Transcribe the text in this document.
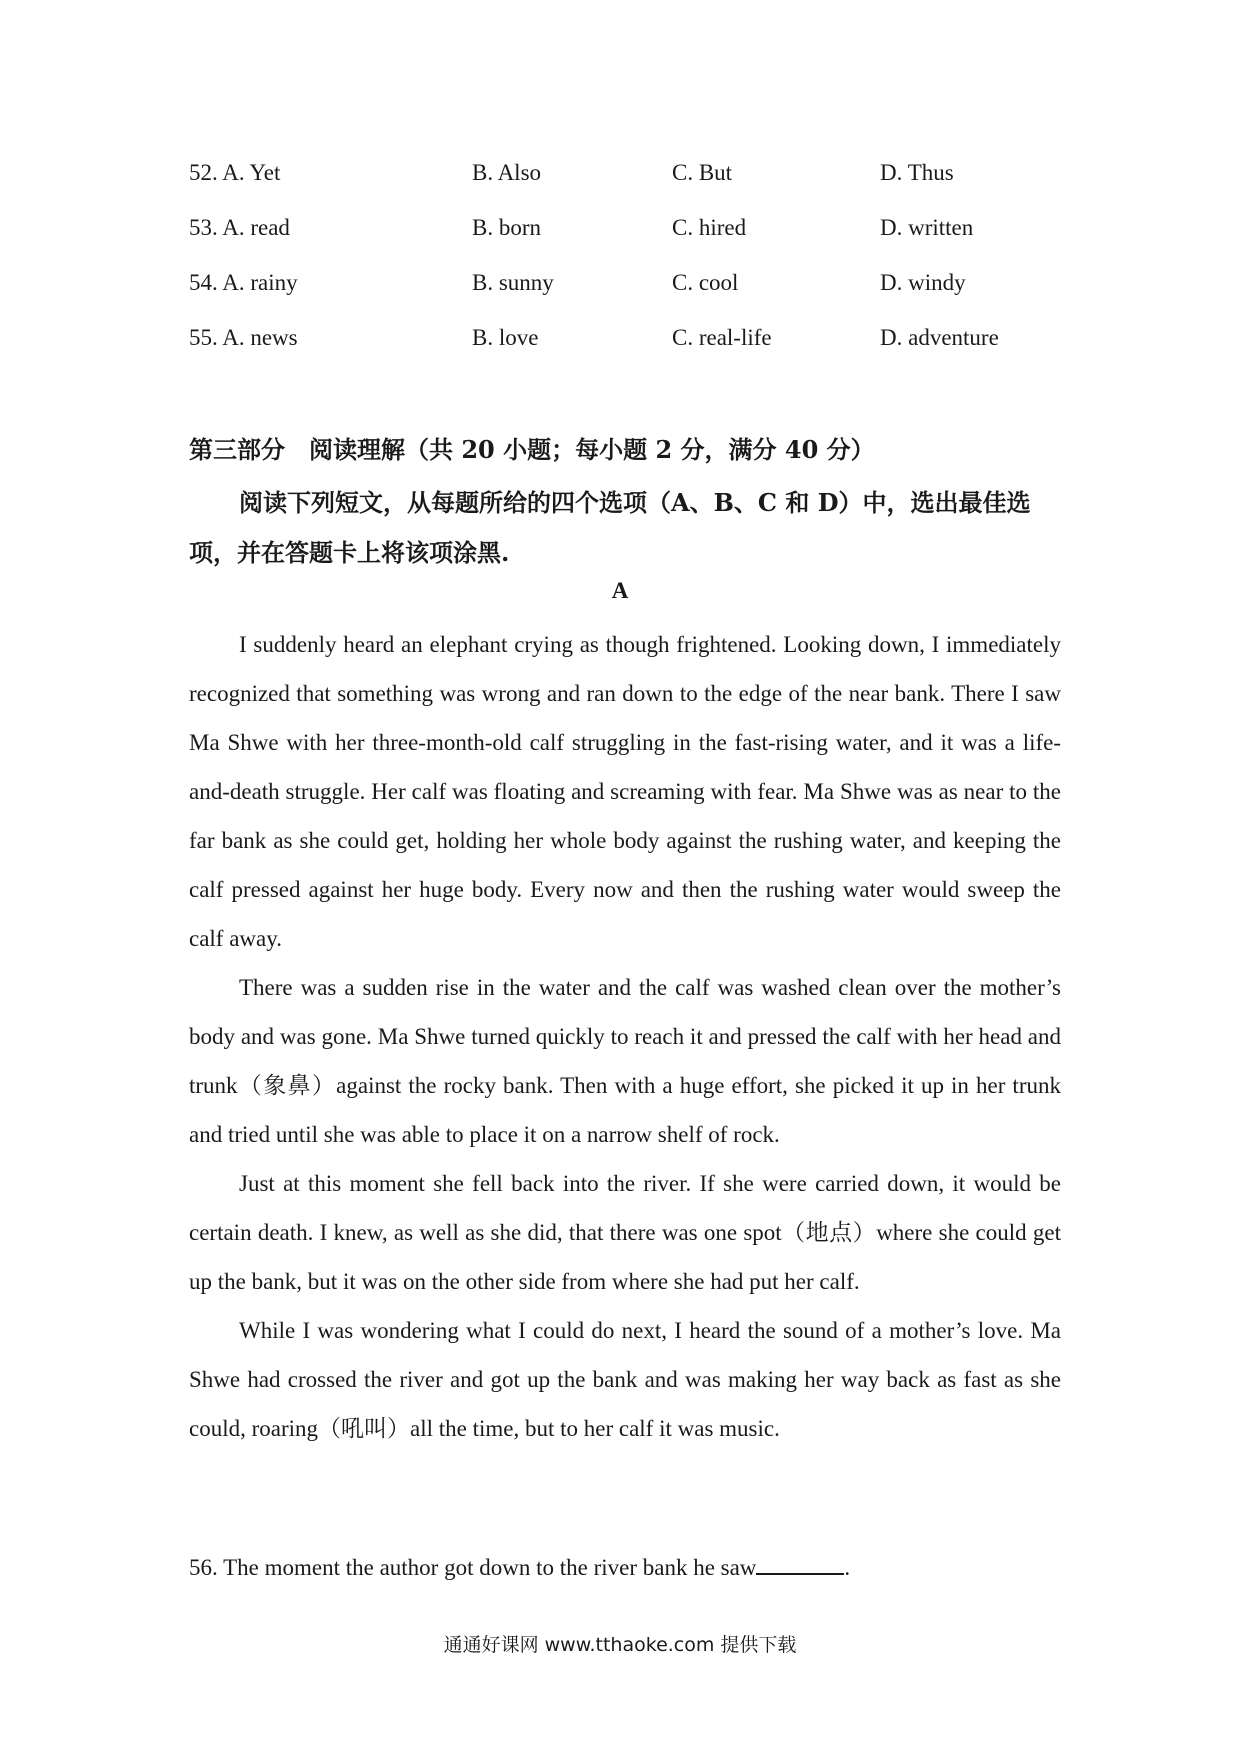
52. A. Yet	B. Also	C. But	D. Thus
53. A. read	B. born	C. hired	D. written
54. A. rainy	B. sunny	C. cool	D. windy
55. A. news	B. love	C. real-life	D. adventure
第三部分　阅读理解（共 20 小题；每小题 2 分，满分 40 分）

阅读下列短文，从每题所给的四个选项（A、B、C 和 D）中，选出最佳选项，并在答题卡上将该项涂黑.

A

I suddenly heard an elephant crying as though frightened. Looking down, I immediately recognized that something was wrong and ran down to the edge of the near bank. There I saw Ma Shwe with her three-month-old calf struggling in the fast-rising water, and it was a life-and-death struggle. Her calf was floating and screaming with fear. Ma Shwe was as near to the far bank as she could get, holding her whole body against the rushing water, and keeping the calf pressed against her huge body. Every now and then the rushing water would sweep the calf away.

There was a sudden rise in the water and the calf was washed clean over the mother’s body and was gone. Ma Shwe turned quickly to reach it and pressed the calf with her head and trunk（象鼻）against the rocky bank. Then with a huge effort, she picked it up in her trunk and tried until she was able to place it on a narrow shelf of rock.

Just at this moment she fell back into the river. If she were carried down, it would be certain death. I knew, as well as she did, that there was one spot（地点）where she could get up the bank, but it was on the other side from where she had put her calf.

While I was wondering what I could do next, I heard the sound of a mother’s love. Ma Shwe had crossed the river and got up the bank and was making her way back as fast as she could, roaring（吼叫）all the time, but to her calf it was music.

56. The moment the author got down to the river bank he saw	.
通通好课网 www.tthaoke.com 提供下载
